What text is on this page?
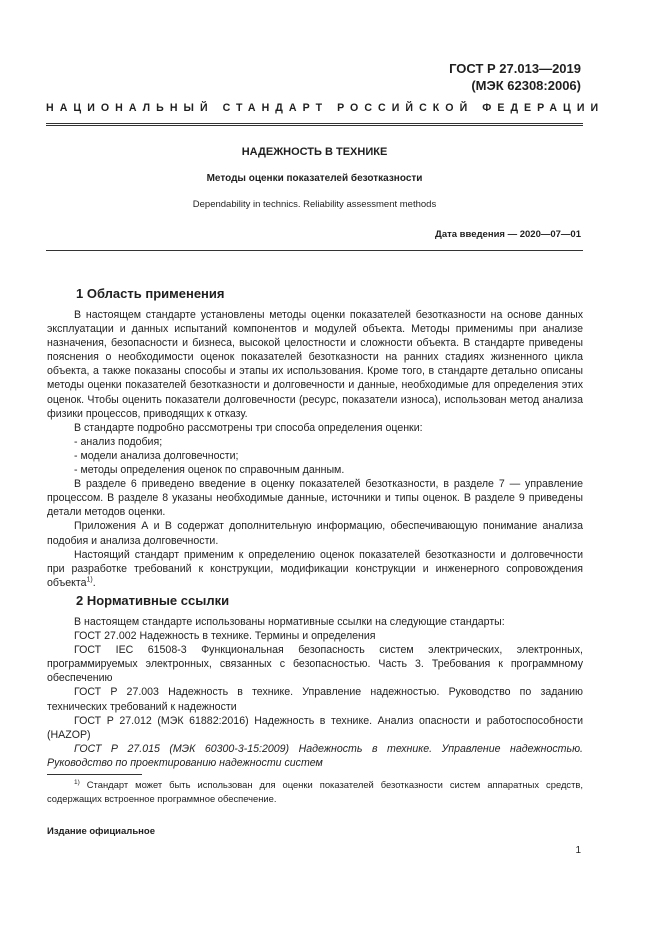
ГОСТ Р 27.013—2019
(МЭК 62308:2006)
НАЦИОНАЛЬНЫЙ СТАНДАРТ РОССИЙСКОЙ ФЕДЕРАЦИИ
НАДЕЖНОСТЬ В ТЕХНИКЕ
Методы оценки показателей безотказности
Dependability in technics. Reliability assessment methods
Дата введения — 2020—07—01
1 Область применения

В настоящем стандарте установлены методы оценки показателей безотказности на основе данных эксплуатации и данных испытаний компонентов и модулей объекта. Методы применимы при анализе назначения, безопасности и бизнеса, высокой целостности и сложности объекта. В стандарте приведены пояснения о необходимости оценок показателей безотказности на ранних стадиях жизненного цикла объекта, а также показаны способы и этапы их использования. Кроме того, в стандарте детально описаны методы оценки показателей безотказности и долговечности и данные, необходимые для определения этих оценок. Чтобы оценить показатели долговечности (ресурс, показатели износа), использован метод анализа физики процессов, приводящих к отказу.

В стандарте подробно рассмотрены три способа определения оценки:

- анализ подобия;

- модели анализа долговечности;

- методы определения оценок по справочным данным.

В разделе 6 приведено введение в оценку показателей безотказности, в разделе 7 — управление процессом. В разделе 8 указаны необходимые данные, источники и типы оценок. В разделе 9 приведены детали методов оценки.

Приложения А и В содержат дополнительную информацию, обеспечивающую понимание анализа подобия и анализа долговечности.

Настоящий стандарт применим к определению оценок показателей безотказности и долговечности при разработке требований к конструкции, модификации конструкции и инженерного сопровождения объекта$^{1)}$.

2 Нормативные ссылки

В настоящем стандарте использованы нормативные ссылки на следующие стандарты:

ГОСТ 27.002 Надежность в технике. Термины и определения

ГОСТ IEC 61508-3 Функциональная безопасность систем электрических, электронных, программируемых электронных, связанных с безопасностью. Часть 3. Требования к программному обеспечению

ГОСТ Р 27.003 Надежность в технике. Управление надежностью. Руководство по заданию технических требований к надежности

ГОСТ Р 27.012 (МЭК 61882:2016) Надежность в технике. Анализ опасности и работоспособности (HAZOP)

ГОСТ Р 27.015 (МЭК 60300-3-15:2009) Надежность в технике. Управление надежностью. Руководство по проектированию надежности систем

$^{1)}$ Стандарт может быть использован для оценки показателей безотказности систем аппаратных средств, содержащих встроенное программное обеспечение.

Издание официальное
1
